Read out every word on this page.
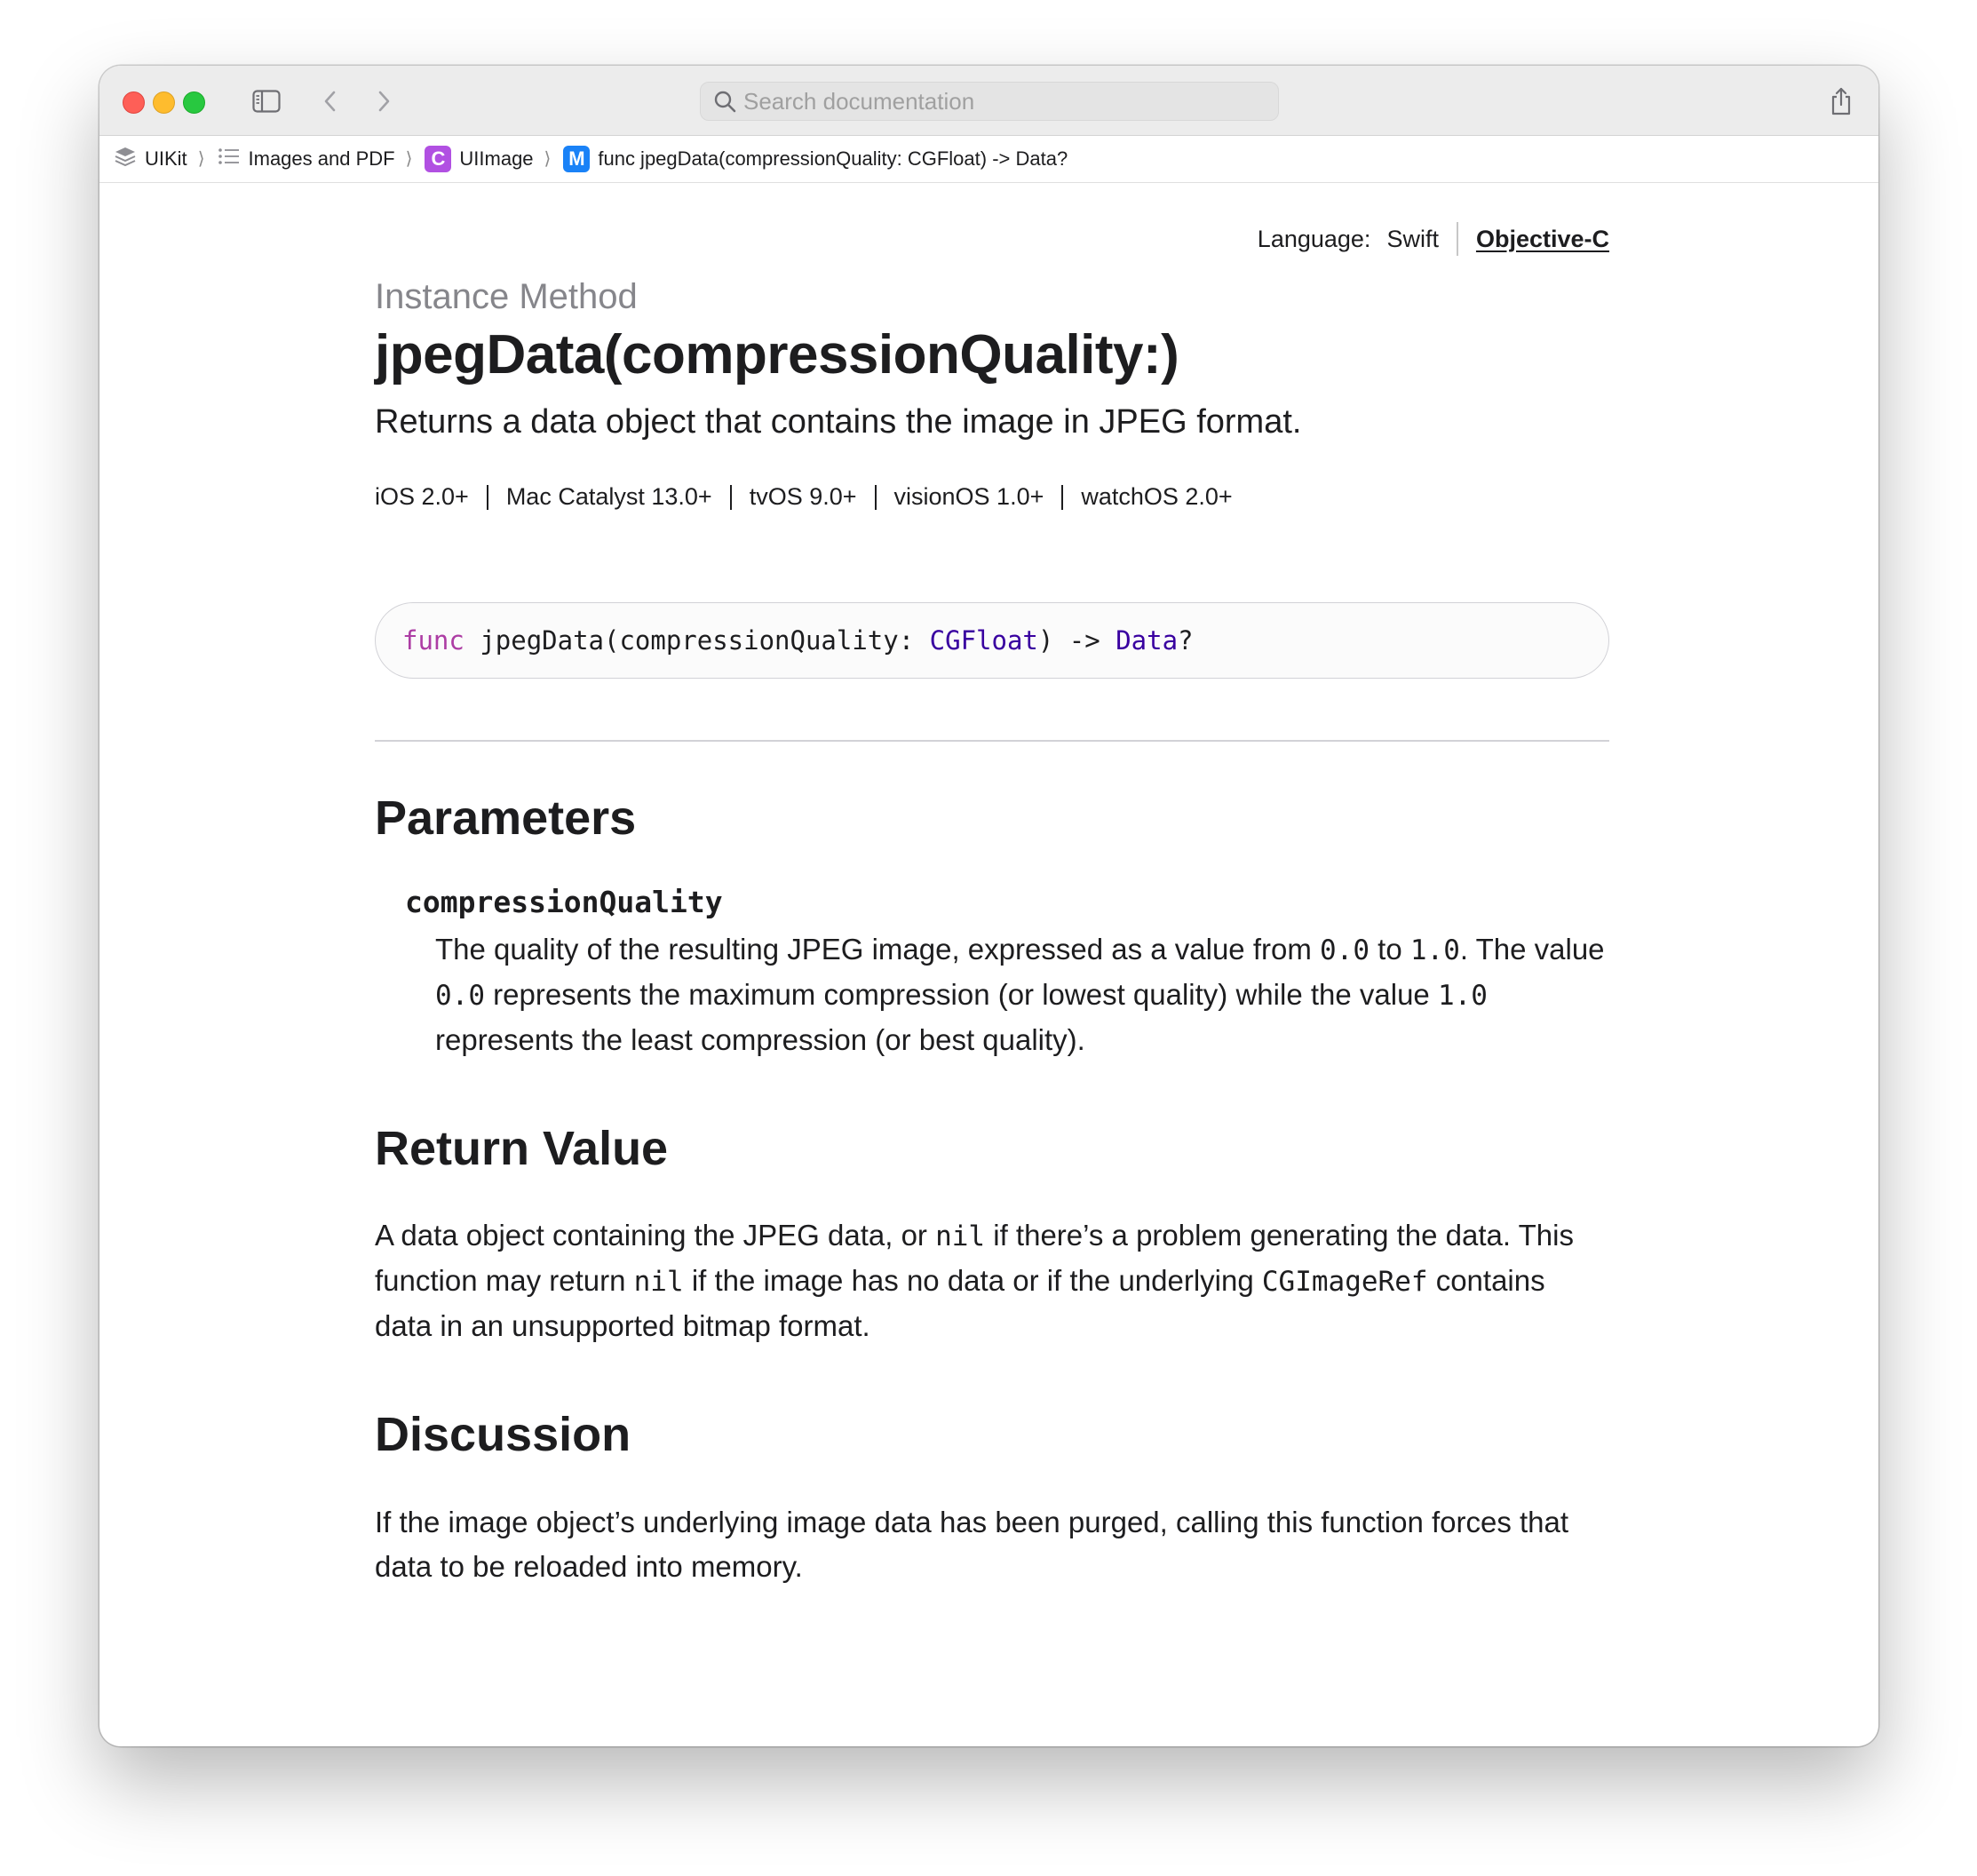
Search documentation
UIKit ⟩ Images and PDF ⟩ C UIImage ⟩ M func jpegData(compressionQuality: CGFloat) -> Data?
Language: Swift Objective-C
Instance Method
jpegData(compressionQuality:)
Returns a data object that contains the image in JPEG format.
iOS 2.0+ Mac Catalyst 13.0+ tvOS 9.0+ visionOS 1.0+ watchOS 2.0+
func
jpegData(compressionQuality:
CGFloat ) ->
Data ?
Parameters
compressionQuality
The quality of the resulting JPEG image, expressed as a value from 0.0 to 1.0. The value
0.0 represents the maximum compression (or lowest quality) while the value 1.0
represents the least compression (or best quality).
Return Value
A data object containing the JPEG data, or nil if there’s a problem generating the data. This
function may return nil if the image has no data or if the underlying CGImageRef contains
data in an unsupported bitmap format.
Discussion
If the image object’s underlying image data has been purged, calling this function forces that
data to be reloaded into memory.
